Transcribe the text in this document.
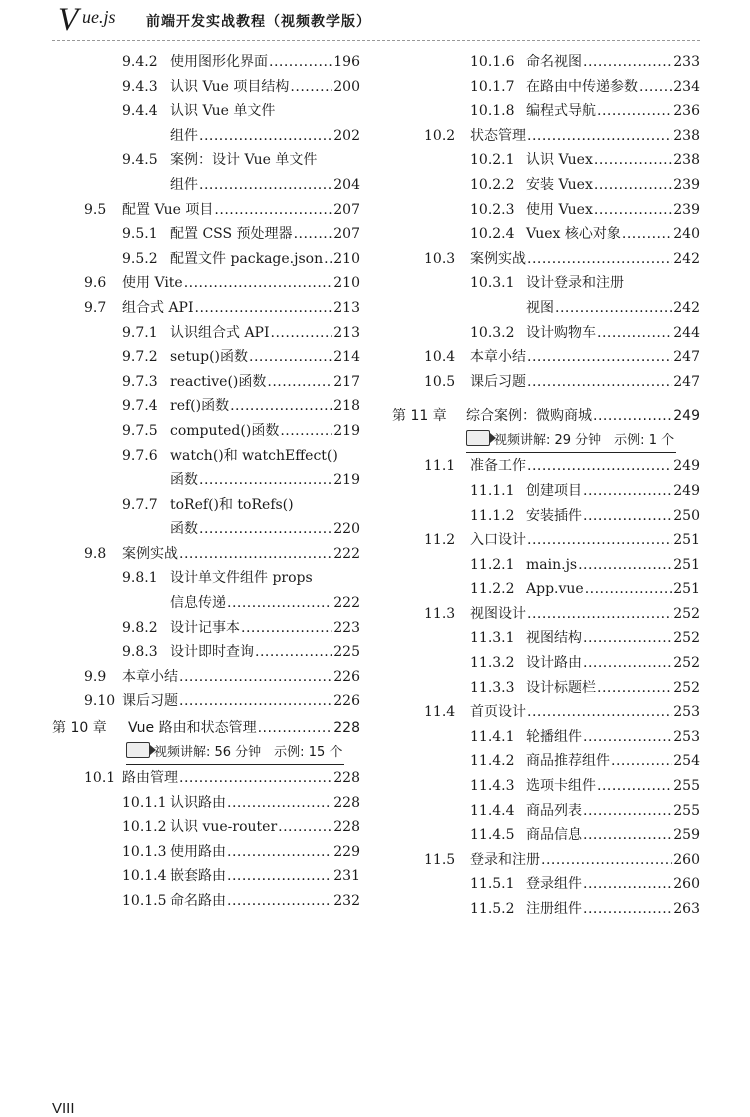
V ue.js 前端开发实战教程（视频教学版）
9.4.2 使用图形化界面 .....	196
9.4.3 认识 Vue 项目结构 .....	200
9.4.4 认识 Vue 单文件
组件 .....	202
9.4.5 案例：设计 Vue 单文件
组件 .....	204
9.5 配置 Vue 项目 .....	207
9.5.1 配置 CSS 预处理器 .....	207
9.5.2 配置文件 package.json ..... 210
9.6 使用 Vite .....	210
9.7 组合式 API .....	213
9.7.1 认识组合式 API .....	213
9.7.2 setup()函数 .....	214
9.7.3 reactive()函数 .....	217
9.7.4 ref()函数 .....	218
9.7.5 computed()函数 .....	219
9.7.6 watch()和 watchEffect()
函数 .....	219
9.7.7 toRef()和 toRefs()
函数 .....	220
9.8 案例实战 .....	222
9.8.1 设计单文件组件 props
信息传递 .....	222
9.8.2 设计记事本 .....	223
9.8.3 设计即时查询 .....	225
9.9 本章小结 .....	226
9.10 课后习题 .....	226
第 10 章 Vue 路由和状态管理 .....	228
视频讲解: 56 分钟　示例: 15 个
10.1 路由管理 .....	228
10.1.1 认识路由 .....	228
10.1.2 认识 vue-router .....	228
10.1.3 使用路由 .....	229
10.1.4 嵌套路由 .....	231
10.1.5 命名路由 .....	232
10.1.6 命名视图 .....	233
10.1.7 在路由中传递参数 .....	234
10.1.8 编程式导航 .....	236
10.2 状态管理 .....	238
10.2.1 认识 Vuex .....	238
10.2.2 安装 Vuex .....	239
10.2.3 使用 Vuex .....	239
10.2.4 Vuex 核心对象 .....	240
10.3 案例实战 .....	242
10.3.1 设计登录和注册
视图 .....	242
10.3.2 设计购物车 .....	244
10.4 本章小结 .....	247
10.5 课后习题 .....	247
第 11 章 综合案例：微购商城 .....	249
视频讲解: 29 分钟　示例: 1 个
11.1 准备工作 .....	249
11.1.1 创建项目 .....	249
11.1.2 安装插件 .....	250
11.2 入口设计 .....	251
11.2.1 main.js .....	251
11.2.2 App.vue .....	251
11.3 视图设计 .....	252
11.3.1 视图结构 .....	252
11.3.2 设计路由 .....	252
11.3.3 设计标题栏 .....	252
11.4 首页设计 .....	253
11.4.1 轮播组件 .....	253
11.4.2 商品推荐组件 .....	254
11.4.3 选项卡组件 .....	255
11.4.4 商品列表 .....	255
11.4.5 商品信息 .....	259
11.5 登录和注册 .....	260
11.5.1 登录组件 .....	260
11.5.2 注册组件 .....	263
VIII
